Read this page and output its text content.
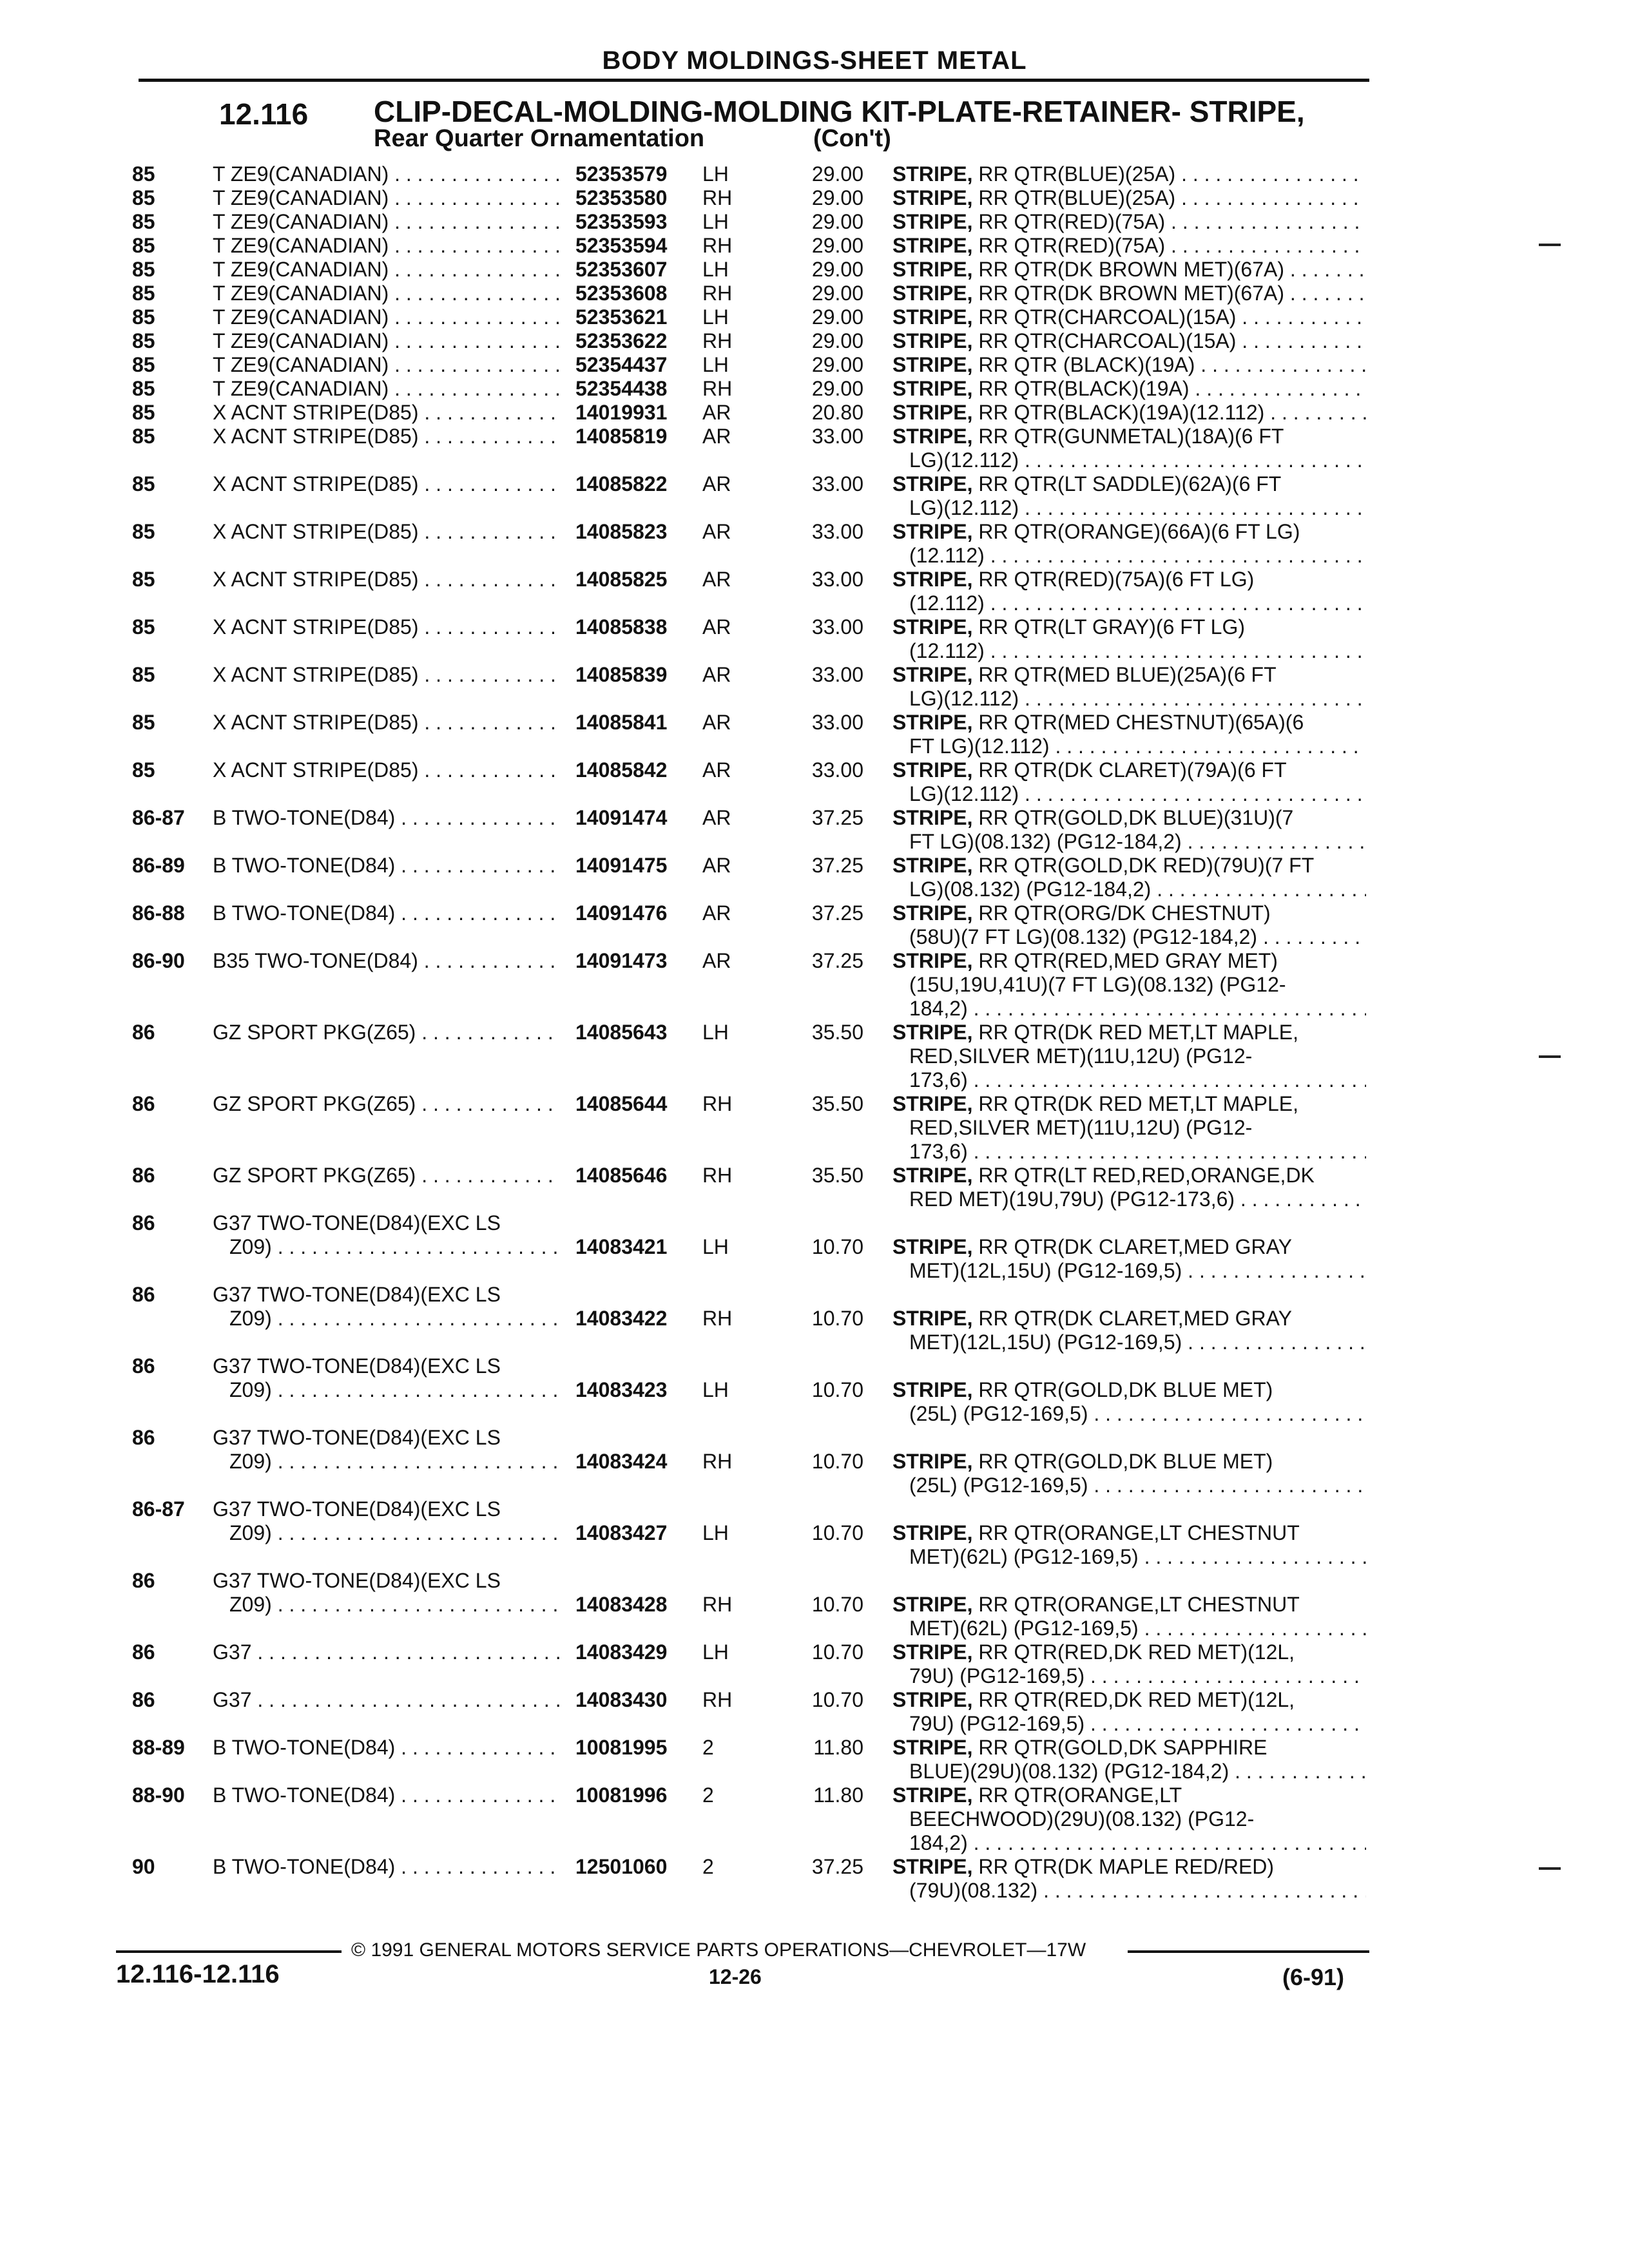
BODY MOLDINGS-SHEET METAL
12.116 CLIP-DECAL-MOLDING-MOLDING KIT-PLATE-RETAINER- STRIPE,
Rear Quarter Ornamentation	(Con't)
85	T ZE9(CANADIAN) . . .	52353579 LH	29.00 STRIPE, RR QTR(BLUE)(25A) . . .
85	T ZE9(CANADIAN) . . .	52353580 RH	29.00 STRIPE, RR QTR(BLUE)(25A) . . .
85	T ZE9(CANADIAN) . . .	52353593 LH	29.00 STRIPE, RR QTR(RED)(75A) . . .
85	T ZE9(CANADIAN) . . .	52353594 RH	29.00 STRIPE, RR QTR(RED)(75A) . . .
85	T ZE9(CANADIAN) . . .	52353607 LH	29.00 STRIPE, RR QTR(DK BROWN MET)(67A) . . .
85	T ZE9(CANADIAN) . . .	52353608 RH	29.00 STRIPE, RR QTR(DK BROWN MET)(67A) . . .
85	T ZE9(CANADIAN) . . .	52353621 LH	29.00 STRIPE, RR QTR(CHARCOAL)(15A) . . .
85	T ZE9(CANADIAN) . . .	52353622 RH	29.00 STRIPE, RR QTR(CHARCOAL)(15A) . . .
85	T ZE9(CANADIAN) . . .	52354437 LH	29.00 STRIPE, RR QTR (BLACK)(19A) . . .
85	T ZE9(CANADIAN) . . .	52354438 RH	29.00 STRIPE, RR QTR(BLACK)(19A) . . .
85	X ACNT STRIPE(D85) . . .	14019931 AR	20.80 STRIPE, RR QTR(BLACK)(19A)(12.112) . . .
85	X ACNT STRIPE(D85) . . .	14085819 AR	33.00 STRIPE, RR QTR(GUNMETAL)(18A)(6 FT
LG)(12.112) . . .
85	X ACNT STRIPE(D85) . . .	14085822 AR	33.00 STRIPE, RR QTR(LT SADDLE)(62A)(6 FT
LG)(12.112) . . .
85	X ACNT STRIPE(D85) . . .	14085823 AR	33.00 STRIPE, RR QTR(ORANGE)(66A)(6 FT LG)
(12.112) . . .
85	X ACNT STRIPE(D85) . . .	14085825 AR	33.00 STRIPE, RR QTR(RED)(75A)(6 FT LG)
(12.112) . . .
85	X ACNT STRIPE(D85) . . .	14085838 AR	33.00 STRIPE, RR QTR(LT GRAY)(6 FT LG)
(12.112) . . .
85	X ACNT STRIPE(D85) . . .	14085839 AR	33.00 STRIPE, RR QTR(MED BLUE)(25A)(6 FT
LG)(12.112) . . .
85	X ACNT STRIPE(D85) . . .	14085841 AR	33.00 STRIPE, RR QTR(MED CHESTNUT)(65A)(6
FT LG)(12.112) . . .
85	X ACNT STRIPE(D85) . . .	14085842 AR	33.00 STRIPE, RR QTR(DK CLARET)(79A)(6 FT
LG)(12.112) . . .
86-87 B TWO-TONE(D84) . . .	14091474 AR	37.25 STRIPE, RR QTR(GOLD,DK BLUE)(31U)(7
FT LG)(08.132) (PG12-184,2) . . .
86-89 B TWO-TONE(D84) . . .	14091475 AR	37.25 STRIPE, RR QTR(GOLD,DK RED)(79U)(7 FT
LG)(08.132) (PG12-184,2) . . .
86-88 B TWO-TONE(D84) . . .	14091476 AR	37.25 STRIPE, RR QTR(ORG/DK CHESTNUT)
(58U)(7 FT LG)(08.132) (PG12-184,2) . . .
86-90 B35 TWO-TONE(D84) . . .	14091473 AR	37.25 STRIPE, RR QTR(RED,MED GRAY MET)
(15U,19U,41U)(7 FT LG)(08.132) (PG12-
184,2) . . .
86	GZ SPORT PKG(Z65) . . .	14085643 LH	35.50 STRIPE, RR QTR(DK RED MET,LT MAPLE,
RED,SILVER MET)(11U,12U) (PG12-
173,6) . . .
86	GZ SPORT PKG(Z65) . . .	14085644 RH	35.50 STRIPE, RR QTR(DK RED MET,LT MAPLE,
RED,SILVER MET)(11U,12U) (PG12-
173,6) . . .
86	GZ SPORT PKG(Z65) . . .	14085646 RH	35.50 STRIPE, RR QTR(LT RED,RED,ORANGE,DK
RED MET)(19U,79U) (PG12-173,6) . . .
86	G37 TWO-TONE(D84)(EXC LS
Z09) . . .	14083421 LH	10.70 STRIPE, RR QTR(DK CLARET,MED GRAY
MET)(12L,15U) (PG12-169,5) . . .
86	G37 TWO-TONE(D84)(EXC LS
Z09) . . .	14083422 RH	10.70 STRIPE, RR QTR(DK CLARET,MED GRAY
MET)(12L,15U) (PG12-169,5) . . .
86	G37 TWO-TONE(D84)(EXC LS
Z09) . . .	14083423 LH	10.70 STRIPE, RR QTR(GOLD,DK BLUE MET)
(25L) (PG12-169,5) . . .
86	G37 TWO-TONE(D84)(EXC LS
Z09) . . .	14083424 RH	10.70 STRIPE, RR QTR(GOLD,DK BLUE MET)
(25L) (PG12-169,5) . . .
86-87 G37 TWO-TONE(D84)(EXC LS
Z09) . . .	14083427 LH	10.70 STRIPE, RR QTR(ORANGE,LT CHESTNUT
MET)(62L) (PG12-169,5) . . .
86	G37 TWO-TONE(D84)(EXC LS
Z09) . . .	14083428 RH	10.70 STRIPE, RR QTR(ORANGE,LT CHESTNUT
MET)(62L) (PG12-169,5) . . .
86	G37 . . .	14083429 LH	10.70 STRIPE, RR QTR(RED,DK RED MET)(12L,
79U) (PG12-169,5) . . .
86	G37 . . .	14083430 RH	10.70 STRIPE, RR QTR(RED,DK RED MET)(12L,
79U) (PG12-169,5) . . .
88-89 B TWO-TONE(D84) . . .	10081995 2	11.80 STRIPE, RR QTR(GOLD,DK SAPPHIRE
BLUE)(29U)(08.132) (PG12-184,2) . . .
88-90 B TWO-TONE(D84) . . .	10081996 2	11.80 STRIPE, RR QTR(ORANGE,LT
BEECHWOOD)(29U)(08.132) (PG12-
184,2) . . .
90	B TWO-TONE(D84) . . .	12501060 2	37.25 STRIPE, RR QTR(DK MAPLE RED/RED)
(79U)(08.132) . . .
© 1991 GENERAL MOTORS SERVICE PARTS OPERATIONS—CHEVROLET—17W
12.116-12.116	12-26	(6-91)
